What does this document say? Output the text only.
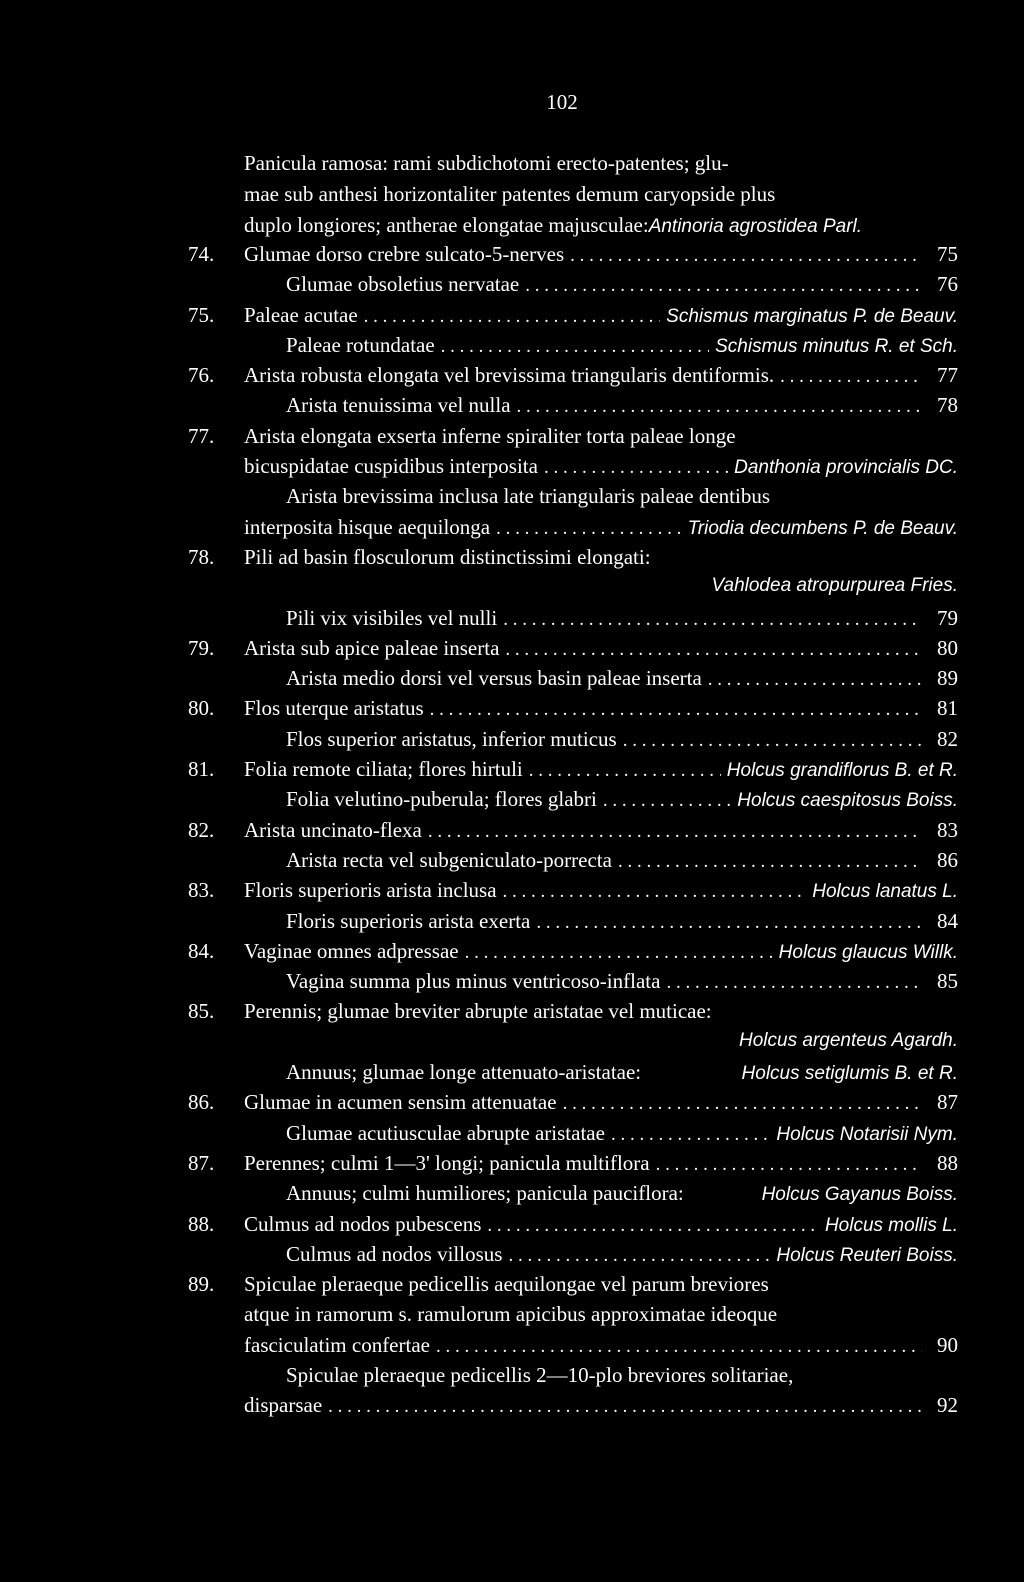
102
Panicula ramosa: rami subdichotomi erecto-patentes; glu-
mae sub anthesi horizontaliter patentes demum caryopside plus
duplo longiores; antherae elongatae majusculae:Antinoria agrostidea Parl.
74. Glumae dorso crebre sulcato-5-nerves . . .	75
Glumae obsoletius nervatae . . .	76
75. Paleae acutae . . .	Schismus marginatus P. de Beauv.
Paleae rotundatae . . .	Schismus minutus R. et Sch.
76. Arista robusta elongata vel brevissima triangularis dentiformis. . . .	77
Arista tenuissima vel nulla . . .	78
77. Arista elongata exserta inferne spiraliter torta paleae longe
bicuspidatae cuspidibus interposita . . .	Danthonia provincialis DC.
Arista brevissima inclusa late triangularis paleae dentibus
interposita hisque aequilonga . . .	Triodia decumbens P. de Beauv.
78. Pili ad basin flosculorum distinctissimi elongati:
Vahlodea atropurpurea Fries.
Pili vix visibiles vel nulli . . .	79
79. Arista sub apice paleae inserta . . .	80
Arista medio dorsi vel versus basin paleae inserta . . .	89
80. Flos uterque aristatus . . .	81
Flos superior aristatus, inferior muticus . . .	82
81. Folia remote ciliata; flores hirtuli . . .	Holcus grandiflorus B. et R.
Folia velutino-puberula; flores glabri . . .	Holcus caespitosus Boiss.
82. Arista uncinato-flexa . . .	83
Arista recta vel subgeniculato-porrecta . . .	86
83. Floris superioris arista inclusa . . .	Holcus lanatus L.
Floris superioris arista exerta . . .	84
84. Vaginae omnes adpressae . . .	Holcus glaucus Willk.
Vagina summa plus minus ventricoso-inflata . . .	85
85. Perennis; glumae breviter abrupte aristatae vel muticae:
Holcus argenteus Agardh.
Annuus; glumae longe attenuato-aristatae:	Holcus setiglumis B. et R.
86. Glumae in acumen sensim attenuatae . . .	87
Glumae acutiusculae abrupte aristatae . . .	Holcus Notarisii Nym.
87. Perennes; culmi 1—3' longi; panicula multiflora . . .	88
Annuus; culmi humiliores; panicula pauciflora:	Holcus Gayanus Boiss.
88. Culmus ad nodos pubescens . . .	Holcus mollis L.
Culmus ad nodos villosus . . .	Holcus Reuteri Boiss.
89. Spiculae pleraeque pedicellis aequilongae vel parum breviores
atque in ramorum s. ramulorum apicibus approximatae ideoque
fasciculatim confertae . . .	90
Spiculae pleraeque pedicellis 2—10-plo breviores solitariae,
disparsae . . .	92
